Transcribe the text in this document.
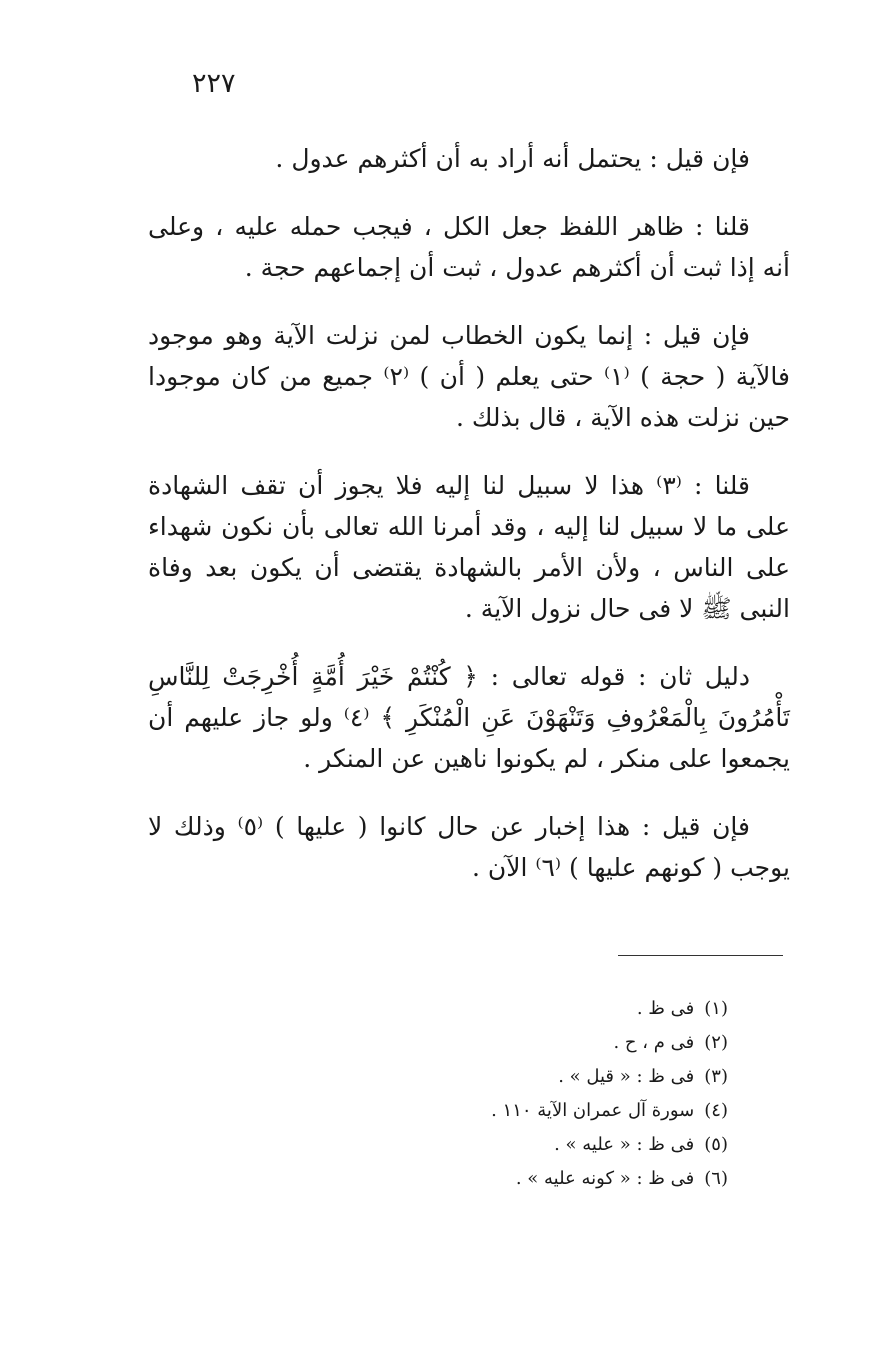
٢٢٧

فإن قيل : يحتمل أنه أراد به أن أكثرهم عدول .

قلنا : ظاهر اللفظ جعل الكل ، فيجب حمله عليه ، وعلى أنه إذا ثبت أن أكثرهم عدول ، ثبت أن إجماعهم حجة .

فإن قيل : إنما يكون الخطاب لمن نزلت الآية وهو موجود فالآية ( حجة ) ⁽١⁾ حتى يعلم ( أن ) ⁽٢⁾ جميع من كان موجودا حين نزلت هذه الآية ، قال بذلك .

قلنا : ⁽٣⁾ هذا لا سبيل لنا إليه فلا يجوز أن تقف الشهادة على ما لا سبيل لنا إليه ، وقد أمرنا الله تعالى بأن نكون شهداء على الناس ، ولأن الأمر بالشهادة يقتضى أن يكون بعد وفاة النبى ﷺ لا فى حال نزول الآية .

دليل ثان : قوله تعالى : ﴿ كُنْتُمْ خَيْرَ أُمَّةٍ أُخْرِجَتْ لِلنَّاسِ تَأْمُرُونَ بِالْمَعْرُوفِ وَتَنْهَوْنَ عَنِ الْمُنْكَرِ ﴾ ⁽٤⁾ ولو جاز عليهم أن يجمعوا على منكر ، لم يكونوا ناهين عن المنكر .

فإن قيل : هذا إخبار عن حال كانوا ( عليها ) ⁽٥⁾ وذلك لا يوجب ( كونهم عليها ) ⁽٦⁾ الآن .

(١)فى ظ .
(٢)فى م ، ح .
(٣)فى ظ : « قيل » .
(٤)سورة آل عمران الآية ١١٠ .
(٥)فى ظ : « عليه » .
(٦)فى ظ : « كونه عليه » .
